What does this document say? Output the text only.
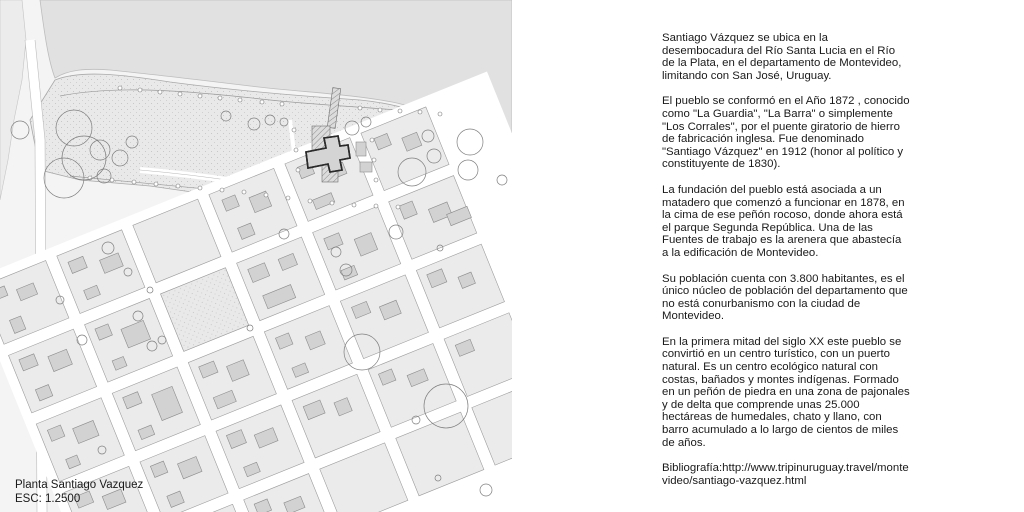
Planta Santiago Vazquez
ESC: 1.2500

Santiago Vázquez se ubica en la desembocadura del Río Santa Lucia en el Río de la Plata, en el departamento de Montevideo, limitando con San José, Uruguay.

El pueblo se conformó en el Año 1872 , conocido como "La Guardia", "La Barra" o simplemente "Los Corrales", por el puente giratorio de hierro de fabricación inglesa. Fue denominado "Santiago Vázquez" en 1912 (honor al político y constituyente de 1830).

La fundación del pueblo está asociada a un matadero que comenzó a funcionar en 1878, en la cima de ese peñón rocoso, donde ahora está el parque Segunda República. Una de las Fuentes de trabajo es la arenera que abastecía a la edificación de Montevideo.

Su población cuenta con 3.800 habitantes, es el único núcleo de población del departamento que no está conurbanismo con la ciudad de Montevideo.

En la primera mitad del siglo XX este pueblo se convirtió en un centro turístico, con un puerto natural. Es un centro ecológico natural con costas, bañados y montes indígenas. Formado en un peñón de piedra en una zona de pajonales y de delta que comprende unas 25.000 hectáreas de humedales, chato y llano, con barro acumulado a lo largo de cientos de miles de años.

Bibliografía:http://www.tripinuruguay.travel/montevideo/santiago-vazquez.html
